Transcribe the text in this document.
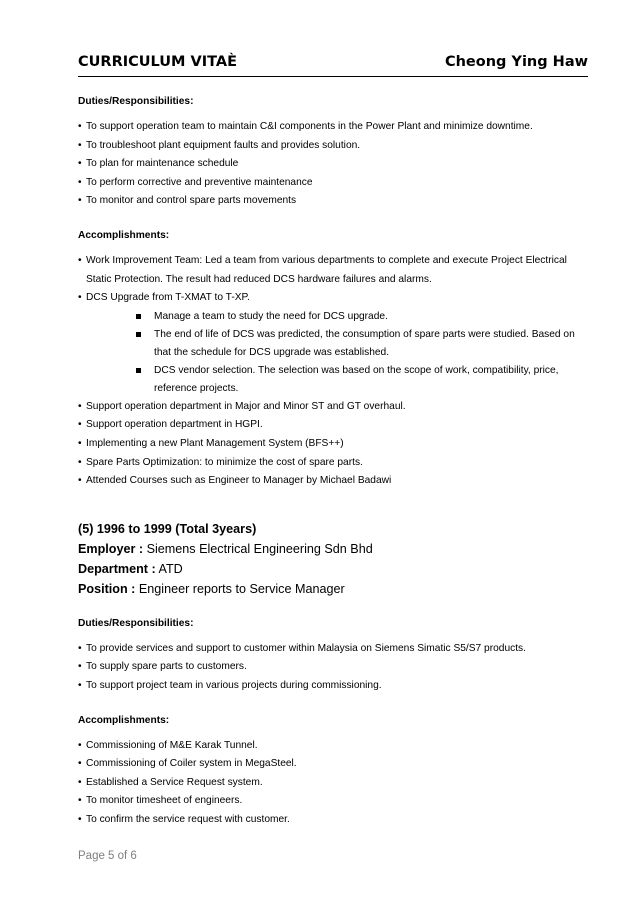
CURRICULUM VITAÈ	Cheong Ying Haw
Duties/Responsibilities:
• To support operation team to maintain C&I components in the Power Plant and minimize downtime.
• To troubleshoot plant equipment faults and provides solution.
• To plan for maintenance schedule
• To perform corrective and preventive maintenance
• To monitor and control spare parts movements
Accomplishments:
• Work Improvement Team: Led a team from various departments to complete and execute Project Electrical
Static Protection. The result had reduced DCS hardware failures and alarms.
• DCS Upgrade from T-XMAT to T-XP.
Manage a team to study the need for DCS upgrade.
The end of life of DCS was predicted, the consumption of spare parts were studied. Based on
that the schedule for DCS upgrade was established.
DCS vendor selection. The selection was based on the scope of work, compatibility, price,
reference projects.
• Support operation department in Major and Minor ST and GT overhaul.
• Support operation department in HGPI.
• Implementing a new Plant Management System (BFS++)
• Spare Parts Optimization: to minimize the cost of spare parts.
• Attended Courses such as Engineer to Manager by Michael Badawi
(5) 1996 to 1999 (Total 3years)
Employer : Siemens Electrical Engineering Sdn Bhd
Department : ATD
Position : Engineer reports to Service Manager
Duties/Responsibilities:
• To provide services and support to customer within Malaysia on Siemens Simatic S5/S7 products.
• To supply spare parts to customers.
• To support project team in various projects during commissioning.
Accomplishments:
• Commissioning of M&E Karak Tunnel.
• Commissioning of Coiler system in MegaSteel.
• Established a Service Request system.
• To monitor timesheet of engineers.
• To confirm the service request with customer.
Page 5 of 6
